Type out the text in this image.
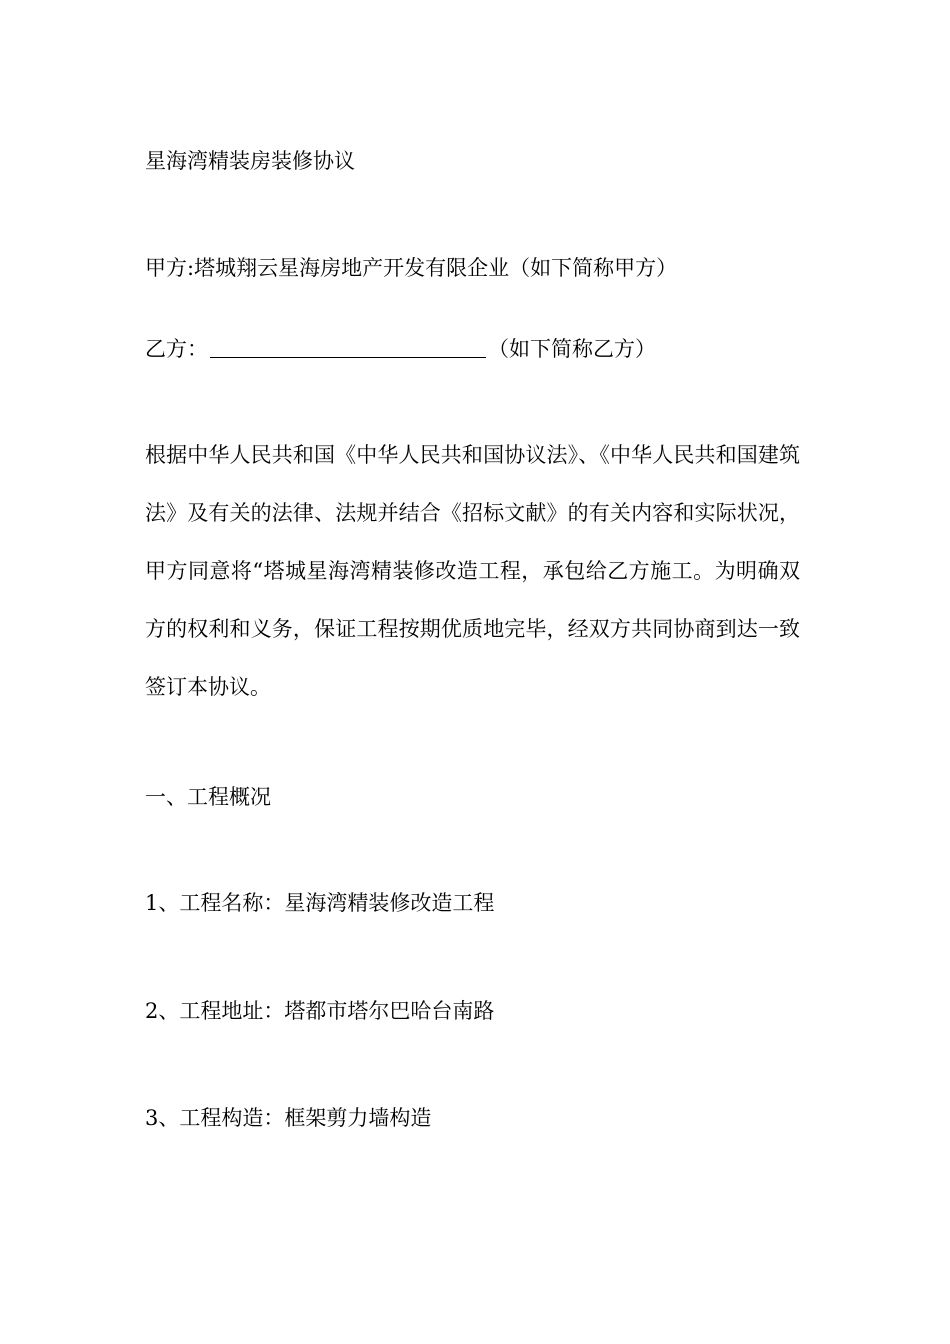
星海湾精装房装修协议
甲方:塔城翔云星海房地产开发有限企业（如下简称甲方）
乙方：	（如下简称乙方）
根据中华人民共和国《中华人民共和国协议法》、《中华人民共和国建筑法》及有关的法律、法规并结合《招标文献》的有关内容和实际状况，甲方同意将“塔城星海湾精装修改造工程，承包给乙方施工。为明确双方的权利和义务，保证工程按期优质地完毕，经双方共同协商到达一致签订本协议。
一、工程概况
1、工程名称：星海湾精装修改造工程
2、工程地址：塔都市塔尔巴哈台南路
3、工程构造：框架剪力墙构造
